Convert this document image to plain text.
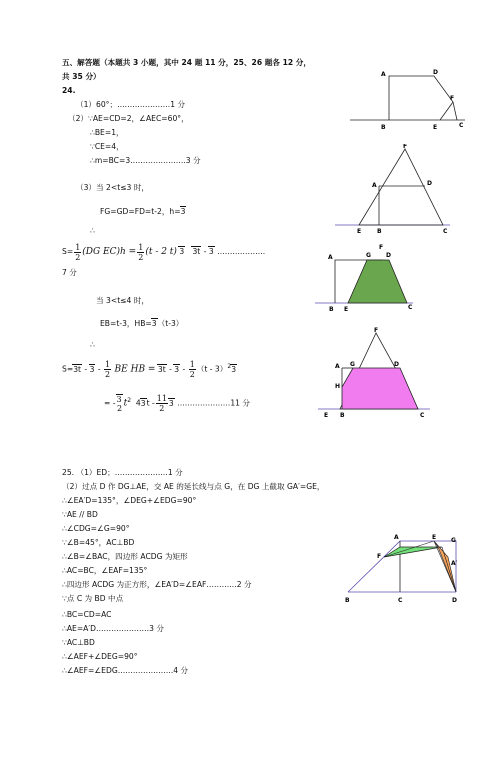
五、解答题（本题共 3 小题，其中 24 题 11 分，25、26 题各 12 分，
共 35 分）
24.
（1）60°；…………………1 分
（2）∵AE=CD=2，∠AEC=60°，
∴BE=1，
∵CE=4，
∴m=BC=3………………….3 分
（3）当 2<t≤3 时，
FG=GD=FD=t-2，h=3
∴
$S= \frac{1}{2} (DG$ $EC)h = \frac{1}{2} (t - 2$ t) 3 3t - 3 ……………….
7 分
当 3<t≤4 时，
EB=t-3，HB=3（t-3）
∴
$S=3t - 3 - \frac{1}{2}$ BE HB = $3t - 3 - \frac{1}{2} (t - 3)^23$
= - 3
2 $t^2$ $43t - \frac{11}{2} 3$ …………………11 分
25. （1）ED；…………………1 分
（2）过点 D 作 DG⊥AE，交 AE 的延长线与点 G，在 DG 上截取 GA′=GE，
∴∠EA′D=135°，∠DEG+∠EDG=90°
∵AE // BD
∴∠CDG=∠G=90°
∵∠B=45°，AC⊥BD
∴∠B=∠BAC，四边形 ACDG 为矩形
∴AC=BC，∠EAF=135°
∴四边形 ACDG 为正方形，∠EA′D=∠EAF…………2 分
∵点 C 为 BD 中点
∴BC=CD=AC
∴AE=A′D…………………3 分
∵AC⊥BD
∴∠AEF+∠DEG=90°
∴∠AEF=∠EDG………………….4 分
A	D
F
B	E	C
F
A	D
E	B	C
A	G
F
D
B E	C
F
A G	D
H
E B	C
A	E G
F
A′
B	C	D
